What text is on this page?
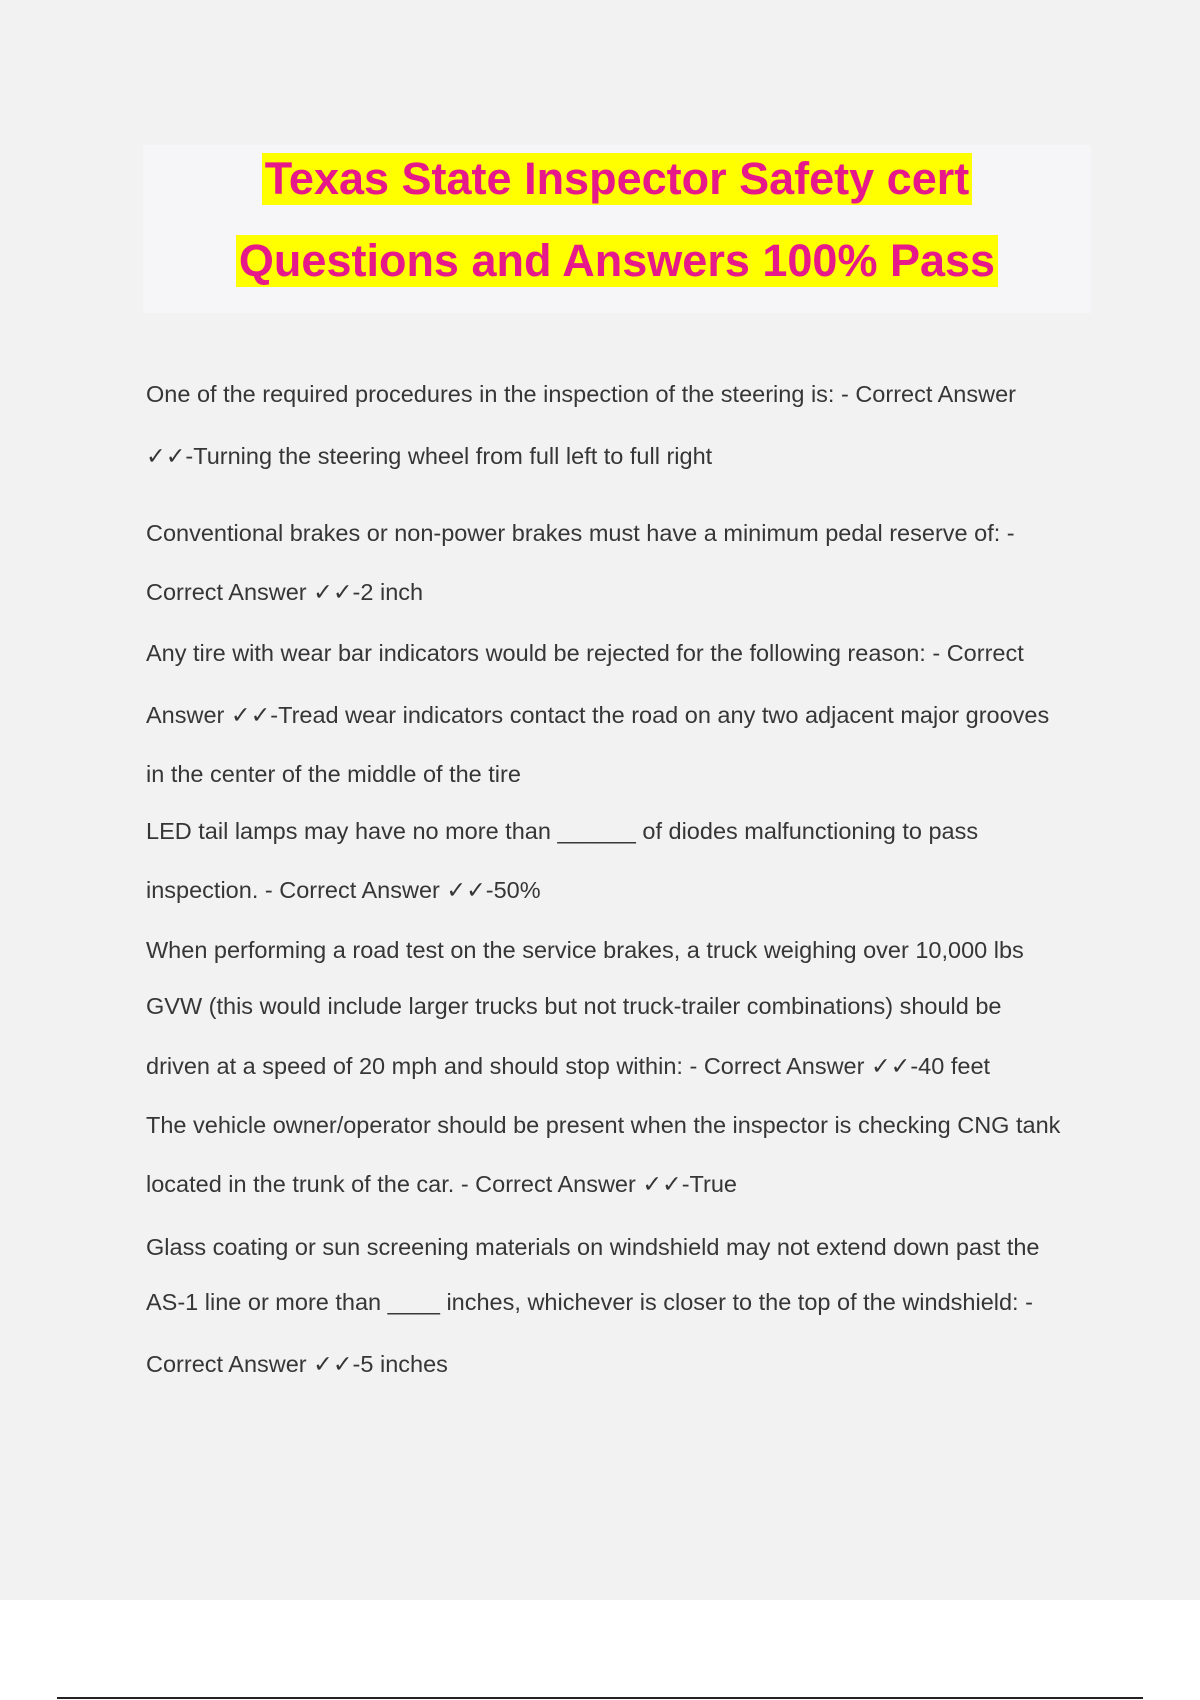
Texas State Inspector Safety cert
Questions and Answers 100% Pass
One of the required procedures in the inspection of the steering is: - Correct Answer
✓✓-Turning the steering wheel from full left to full right
Conventional brakes or non-power brakes must have a minimum pedal reserve of: -
Correct Answer ✓✓-2 inch
Any tire with wear bar indicators would be rejected for the following reason: - Correct
Answer ✓✓-Tread wear indicators contact the road on any two adjacent major grooves
in the center of the middle of the tire
LED tail lamps may have no more than ______ of diodes malfunctioning to pass
inspection. - Correct Answer ✓✓-50%
When performing a road test on the service brakes, a truck weighing over 10,000 lbs
GVW (this would include larger trucks but not truck-trailer combinations) should be
driven at a speed of 20 mph and should stop within: - Correct Answer ✓✓-40 feet
The vehicle owner/operator should be present when the inspector is checking CNG tank
located in the trunk of the car. - Correct Answer ✓✓-True
Glass coating or sun screening materials on windshield may not extend down past the
AS-1 line or more than ____ inches, whichever is closer to the top of the windshield: -
Correct Answer ✓✓-5 inches
